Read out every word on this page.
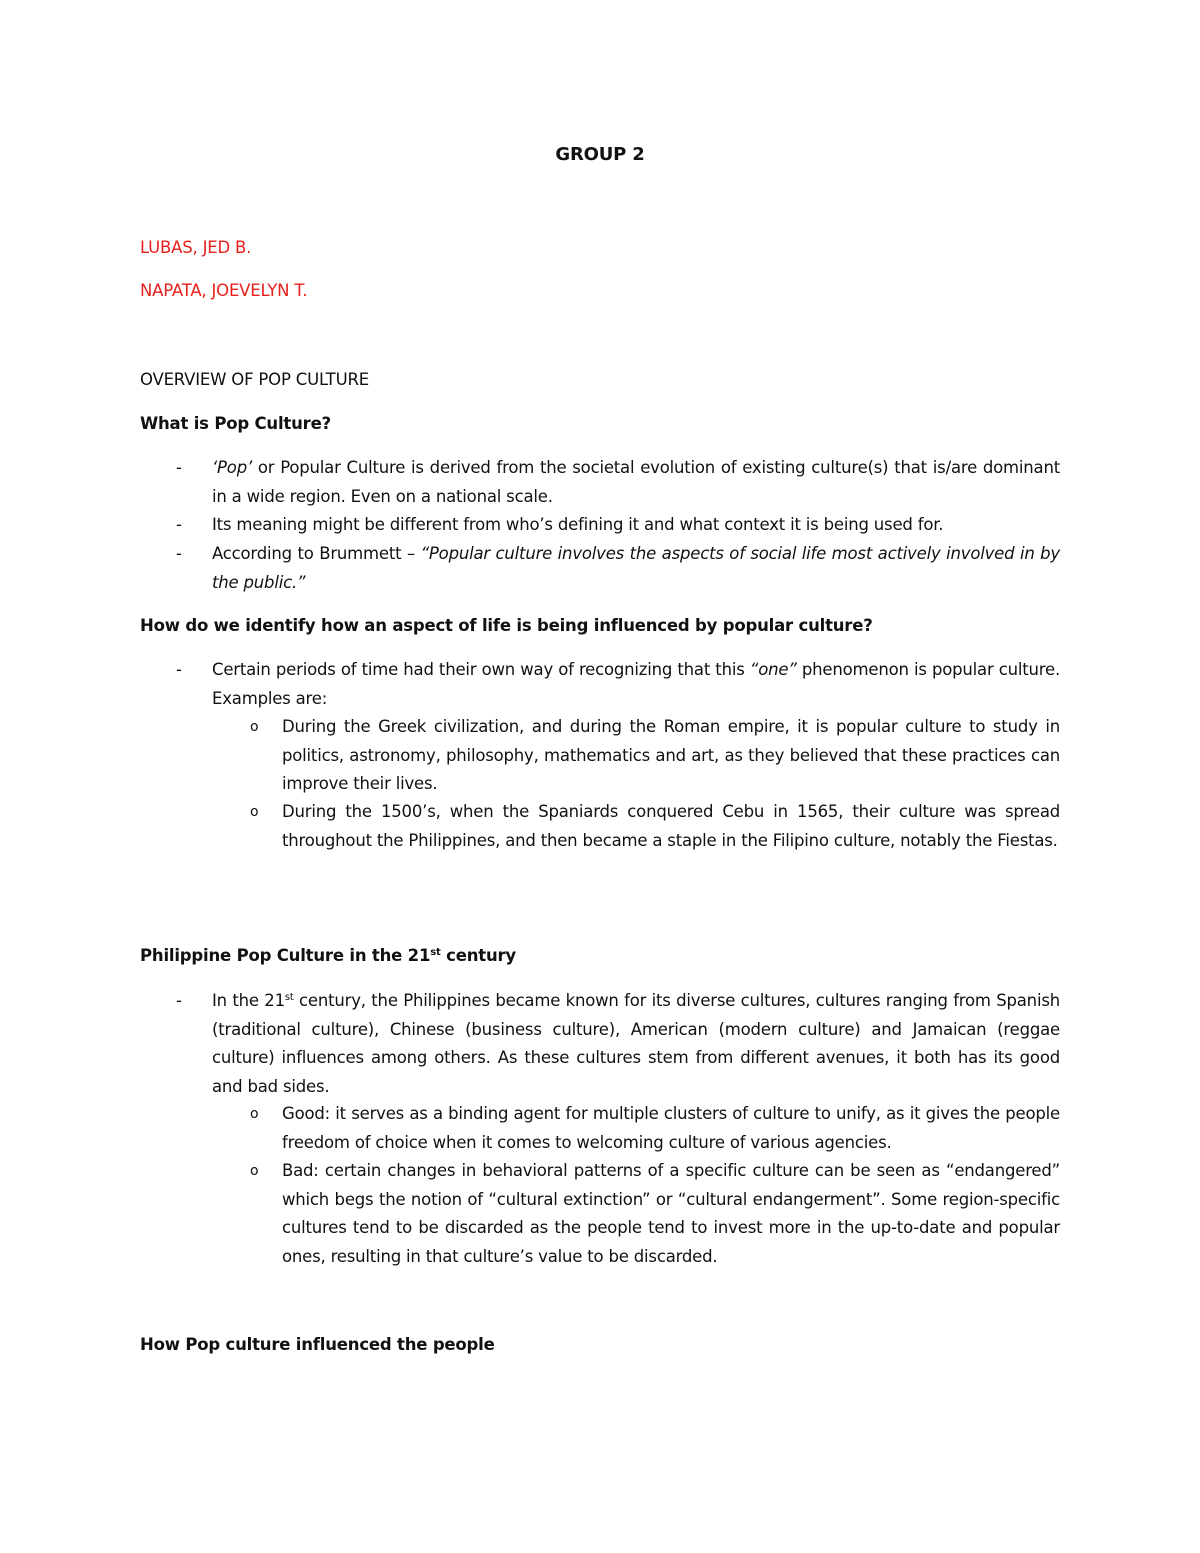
GROUP 2
LUBAS, JED B.
NAPATA, JOEVELYN T.
OVERVIEW OF POP CULTURE
What is Pop Culture?
-	‘Pop’ or Popular Culture is derived from the societal evolution of existing culture(s) that is/are dominant in a wide region. Even on a national scale.
-	Its meaning might be different from who’s defining it and what context it is being used for.
-	According to Brummett – “Popular culture involves the aspects of social life most actively involved in by the public.”
How do we identify how an aspect of life is being influenced by popular culture?
-	Certain periods of time had their own way of recognizing that this “one” phenomenon is popular culture. Examples are:
o During the Greek civilization, and during the Roman empire, it is popular culture to study in politics, astronomy, philosophy, mathematics and art, as they believed that these practices can improve their lives.
o During the 1500’s, when the Spaniards conquered Cebu in 1565, their culture was spread throughout the Philippines, and then became a staple in the Filipino culture, notably the Fiestas.
Philippine Pop Culture in the 21st century
-	In the 21st century, the Philippines became known for its diverse cultures, cultures ranging from Spanish (traditional culture), Chinese (business culture), American (modern culture) and Jamaican (reggae culture) influences among others. As these cultures stem from different avenues, it both has its good and bad sides.
o Good: it serves as a binding agent for multiple clusters of culture to unify, as it gives the people freedom of choice when it comes to welcoming culture of various agencies.
o Bad: certain changes in behavioral patterns of a specific culture can be seen as “endangered” which begs the notion of “cultural extinction” or “cultural endangerment”. Some region-specific cultures tend to be discarded as the people tend to invest more in the up-to-date and popular ones, resulting in that culture’s value to be discarded.
How Pop culture influenced the people
